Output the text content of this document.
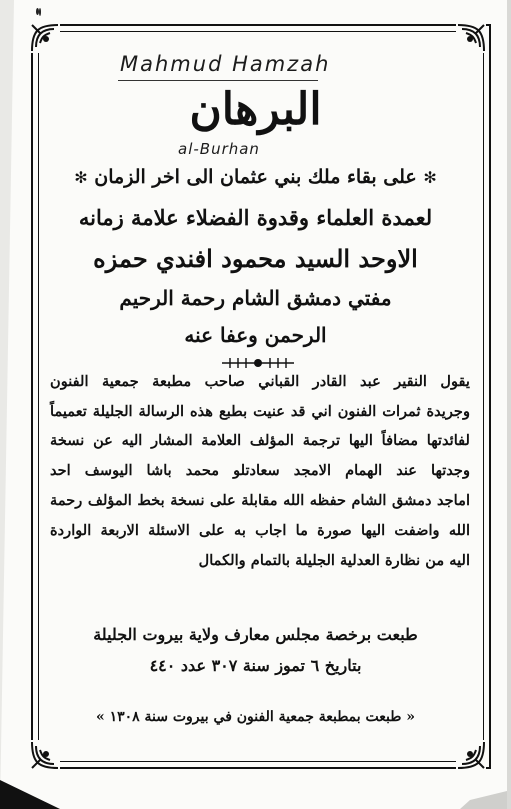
Mahmud Hamzah
al-Burhan
البرهان
✻ على بقاء ملك بني عثمان الى اخر الزمان ✻
لعمدة العلماء وقدوة الفضلاء علامة زمانه
الاوحد السيد محمود افندي حمزه
مفتي دمشق الشام رحمة الرحيم
الرحمن وعفا عنه
يقول النقير عبد القادر القباني صاحب مطبعة جمعية الفنون
وجريدة ثمرات الفنون اني قد عنيت بطبع هذه الرسالة الجليلة تعميماً
لفائدتها مضافاً اليها ترجمة المؤلف العلامة المشار اليه عن نسخة
وجدتها عند الهمام الامجد سعادتلو محمد باشا اليوسف احد
اماجد دمشق الشام حفظه الله مقابلة على نسخة بخط المؤلف رحمة
الله واضفت اليها صورة ما اجاب به على الاسئلة الاربعة الواردة
اليه من نظارة العدلية الجليلة بالتمام والكمال
طبعت برخصة مجلس معارف ولاية بيروت الجليلة
بتاريخ ٦ تموز سنة ٣٠٧ عدد ٤٤٠
« طبعت بمطبعة جمعية الفنون في بيروت سنة ١٣٠٨ »
